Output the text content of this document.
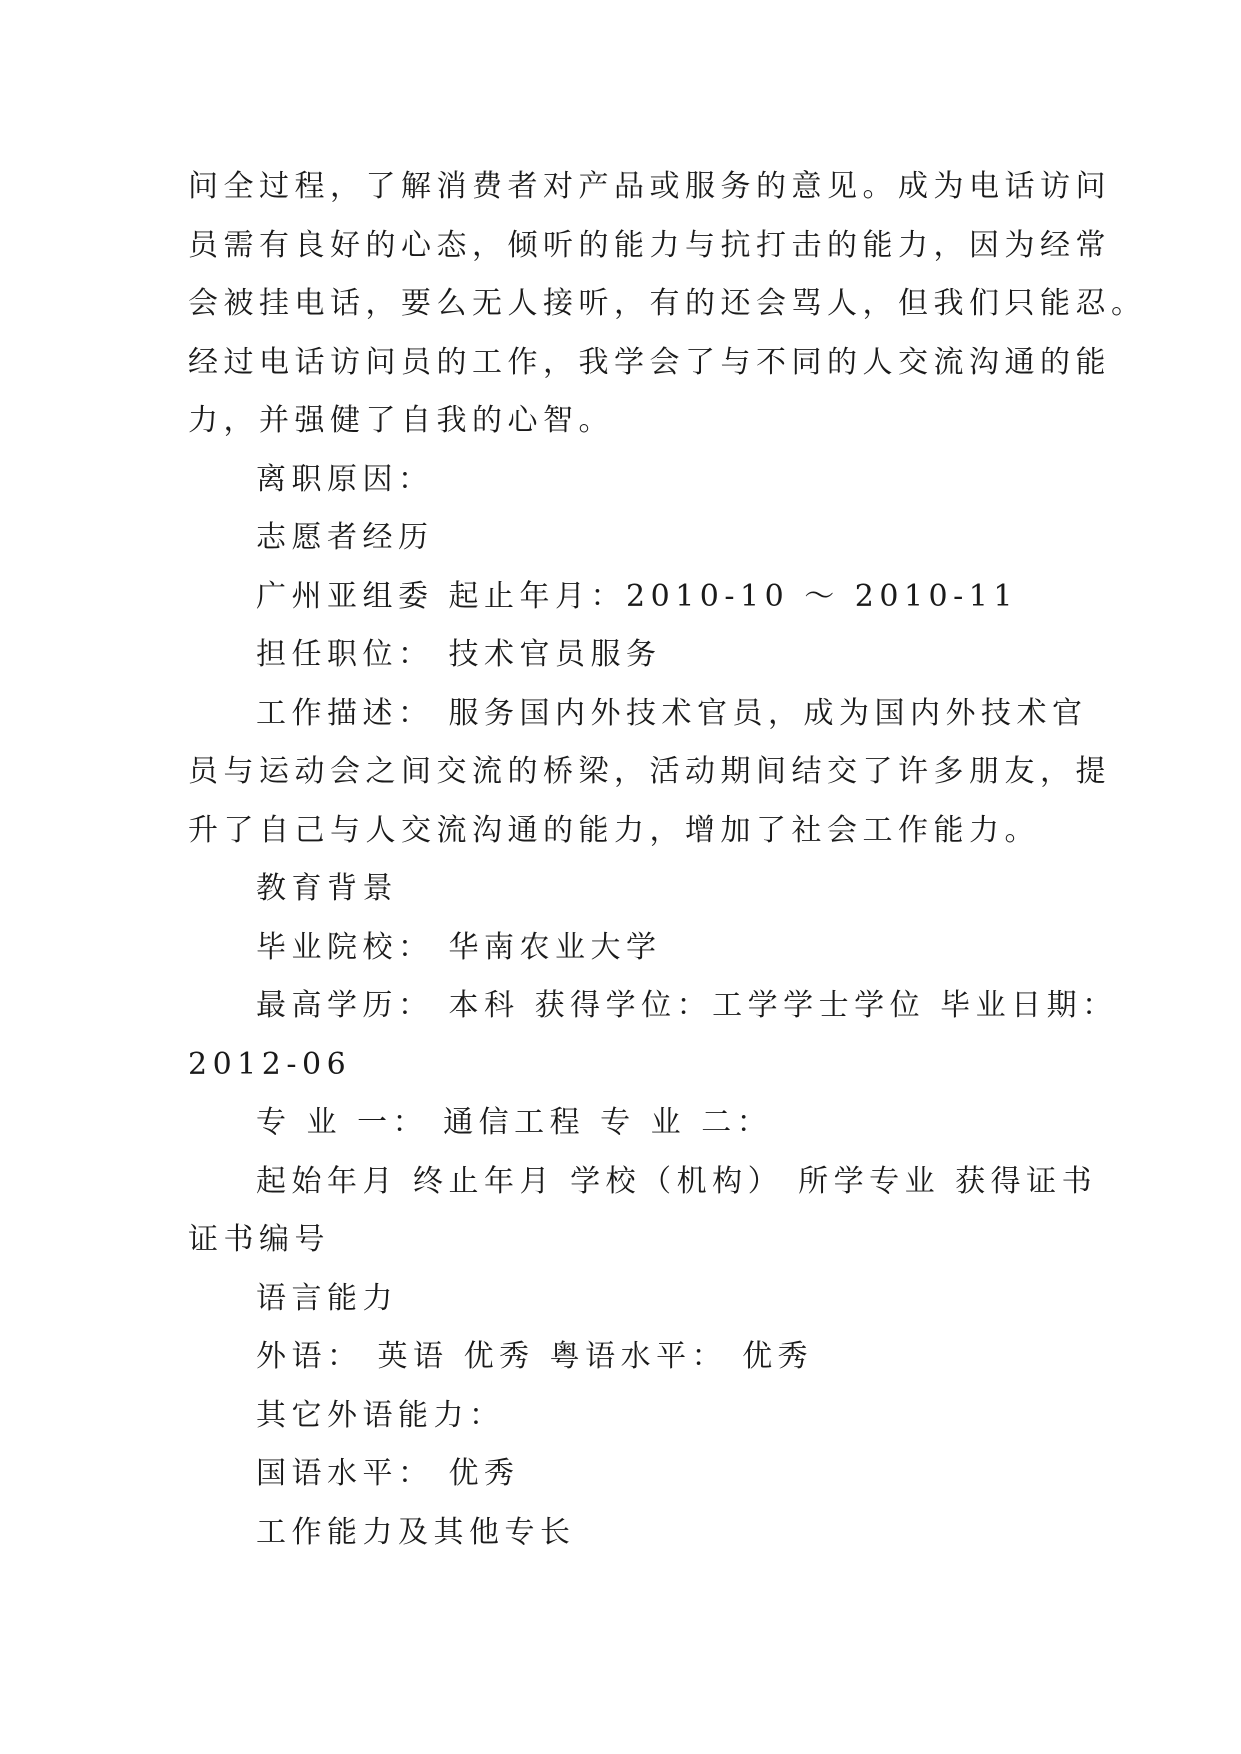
问全过程，了解消费者对产品或服务的意见。成为电话访问
员需有良好的心态，倾听的能力与抗打击的能力，因为经常
会被挂电话，要么无人接听，有的还会骂人，但我们只能忍。
经过电话访问员的工作，我学会了与不同的人交流沟通的能
力，并强健了自我的心智。
离职原因：
志愿者经历
广州亚组委 起止年月：2010-10 ～ 2010-11
担任职位： 技术官员服务
工作描述： 服务国内外技术官员，成为国内外技术官
员与运动会之间交流的桥梁，活动期间结交了许多朋友，提
升了自己与人交流沟通的能力，增加了社会工作能力。
教育背景
毕业院校： 华南农业大学
最高学历： 本科 获得学位：工学学士学位 毕业日期：
2012-06
专 业 一： 通信工程 专 业 二：
起始年月 终止年月 学校（机构） 所学专业 获得证书
证书编号
语言能力
外语： 英语 优秀 粤语水平： 优秀
其它外语能力：
国语水平： 优秀
工作能力及其他专长
